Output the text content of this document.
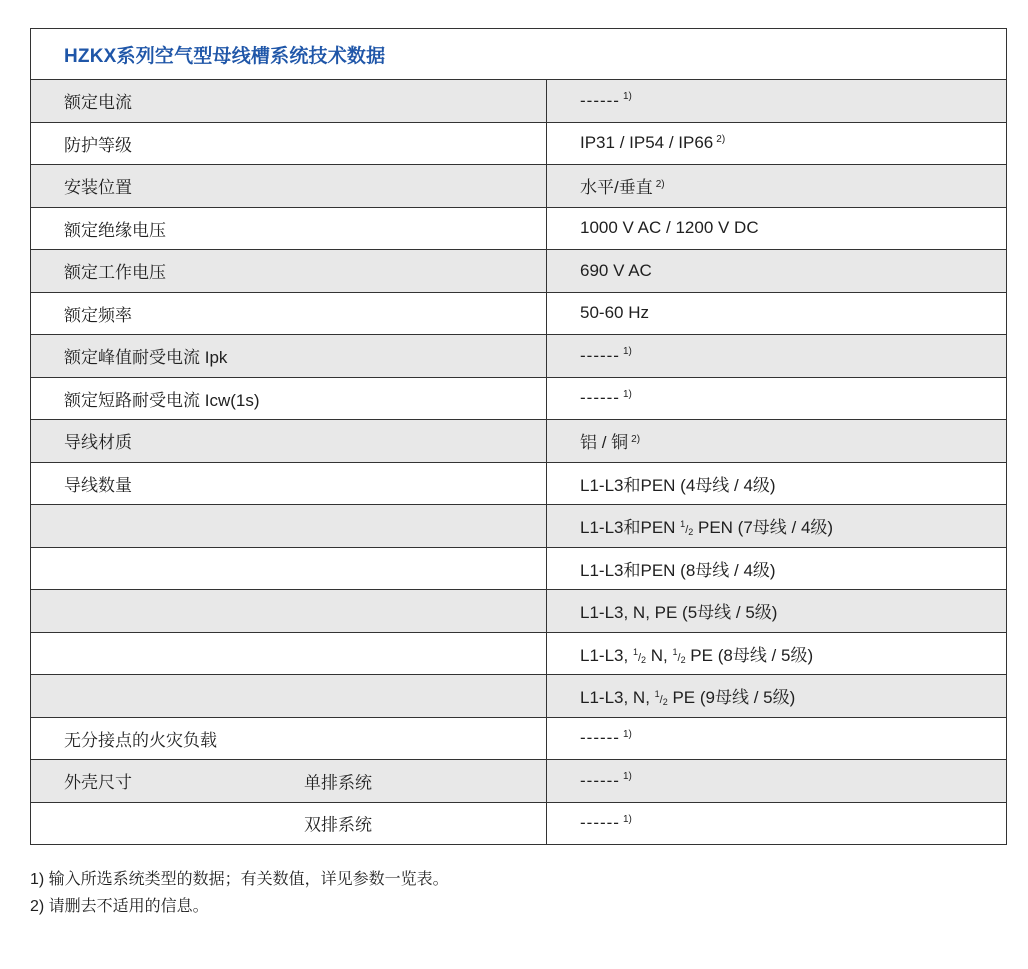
HZKX系列空气型母线槽系统技术数据
额定电流	------ $^{1)}$
防护等级	IP31 / IP54 / IP66 $^{2)}$
安装位置	水平/垂直 $^{2)}$
额定绝缘电压	1000 V AC / 1200 V DC
额定工作电压	690 V AC
额定频率	50-60 Hz
额定峰值耐受电流 Ipk	------ $^{1)}$
额定短路耐受电流 Icw(1s)	------ $^{1)}$
导线材质	铝 / 铜 $^{2)}$
导线数量	L1-L3和PEN (4母线 / 4级)
	L1-L3和PEN $^1$/2 PEN (7母线 / 4级)
	L1-L3和PEN (8母线 / 4级)
	L1-L3, N, PE (5母线 / 5级)
	L1-L3, $^1$/2 N, $^1$/2 PE (8母线 / 5级)
	L1-L3, N, $^1$/2 PE (9母线 / 5级)
无分接点的火灾负载	------ $^{1)}$
外壳尺寸 单排系统	------ $^{1)}$

双排系统	------ $^{1)}$
1) 输入所选系统类型的数据；有关数值，详见参数一览表。
2) 请删去不适用的信息。
